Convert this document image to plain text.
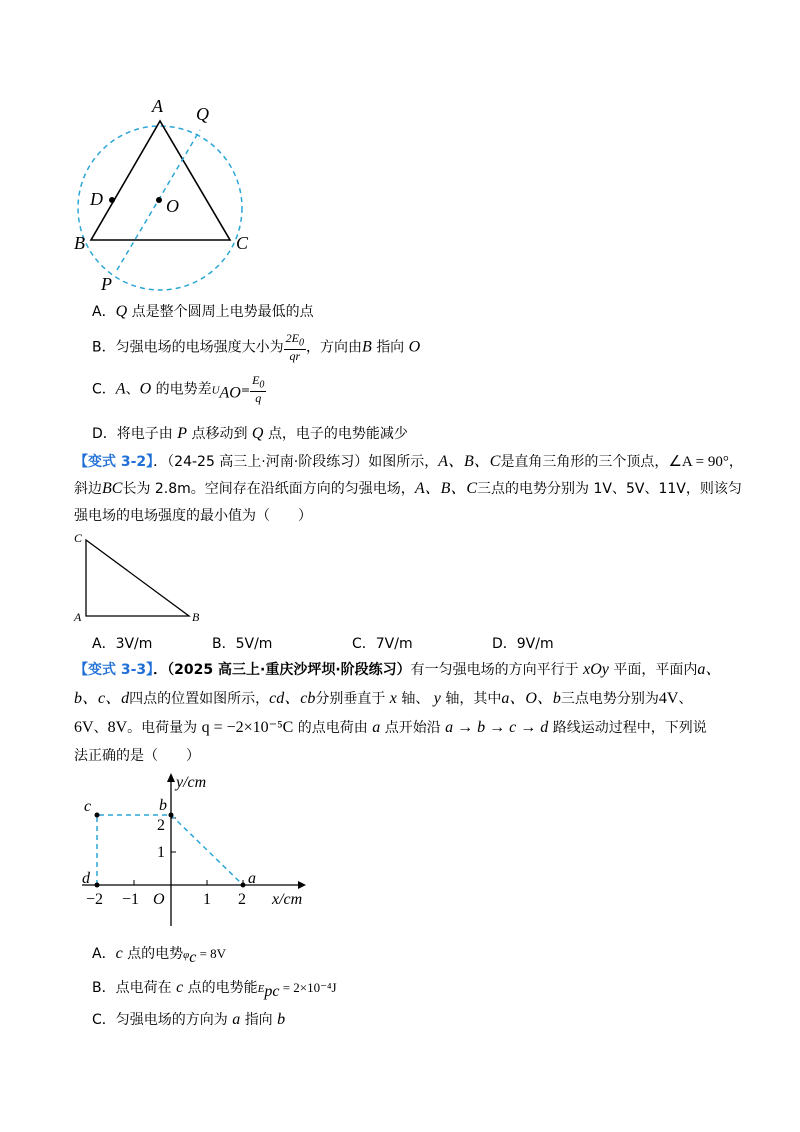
A Q
D	O
B	C
P
A．Q 点是整个圆周上电势最低的点
B．匀强电场的电场强度大小为 $\frac{2E_0}{qr}$ ，方向由B 指向 O
C．A、O 的电势差$U_{AO}= \frac{E_0}{q}$
D．将电子由 P 点移动到 Q 点，电子的电势能减少
【变式 3-2】．（24-25 高三上·河南·阶段练习）如图所示，A、B、C是直角三角形的三个顶点，∠A = 90°，
斜边BC长为 2.8m。空间存在沿纸面方向的匀强电场，A、B、C三点的电势分别为 1V、5V、11V，则该匀
强电场的电场强度的最小值为（　　）
C
A	B
A．3V/m	B．5V/m	C．7V/m	D．9V/m
【变式 3-3】．（2025 高三上·重庆沙坪坝·阶段练习）有一匀强电场的方向平行于 xOy 平面，平面内a、
b、c、d四点的位置如图所示，cd、cb分别垂直于 x 轴、 y 轴，其中a、O、b三点电势分别为4V、
6V、8V。电荷量为 q = −2×10⁻⁵C 的点电荷由 a 点开始沿 a → b → c → d 路线运动过程中，下列说
法正确的是（　　）
y/cm
x/cm
c	b
d	a
O
−2 −1	1 2
1
2
A．c 点的电势$\varphi_c = 8V$
B．点电荷在 c 点的电势能$E_{pc} = 2\times 10^{-4}J$
C．匀强电场的方向为 a 指向 b
